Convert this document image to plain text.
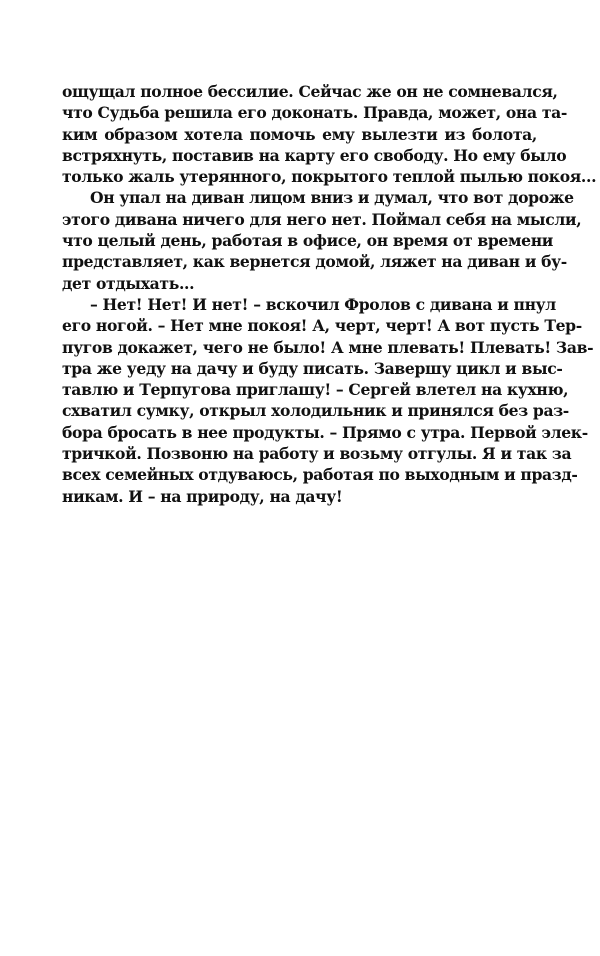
ощущал полное бессилие. Сейчас же он не сомневался,
что Судьба решила его доконать. Правда, может, она та-
ким образом хотела помочь ему вылезти из болота,
встряхнуть, поставив на карту его свободу. Но ему было
только жаль утерянного, покрытого теплой пылью покоя...
Он упал на диван лицом вниз и думал, что вот дороже
этого дивана ничего для него нет. Поймал себя на мысли,
что целый день, работая в офисе, он время от времени
представляет, как вернется домой, ляжет на диван и бу-
дет отдыхать...
– Нет! Нет! И нет! – вскочил Фролов с дивана и пнул
его ногой. – Нет мне покоя! А, черт, черт! А вот пусть Тер-
пугов докажет, чего не было! А мне плевать! Плевать! Зав-
тра же уеду на дачу и буду писать. Завершу цикл и выс-
тавлю и Терпугова приглашу! – Сергей влетел на кухню,
схватил сумку, открыл холодильник и принялся без раз-
бора бросать в нее продукты. – Прямо с утра. Первой элек-
тричкой. Позвоню на работу и возьму отгулы. Я и так за
всех семейных отдуваюсь, работая по выходным и празд-
никам. И – на природу, на дачу!
